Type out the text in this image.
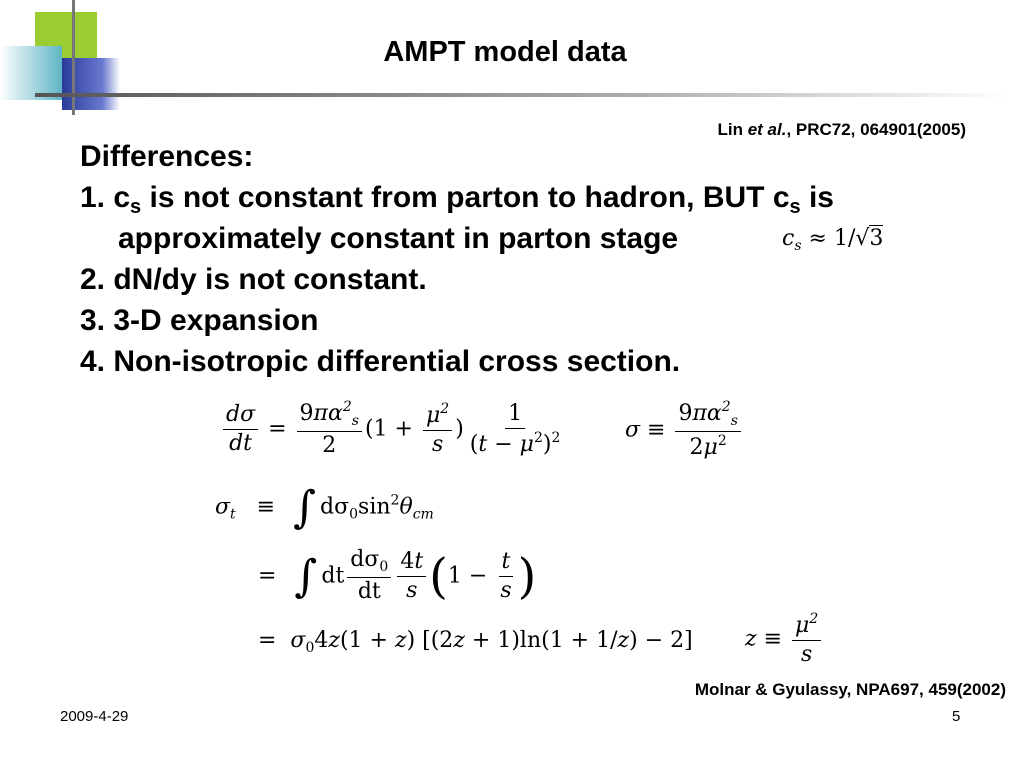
AMPT model data
Lin et al., PRC72, 064901(2005)
Differences:
1. $c_s$ is not constant from parton to hadron, BUT $c_s$ is
approximately constant in parton stage
2. dN/dy is not constant.
3. 3-D expansion
4. Non-isotropic differential cross section.
$c_s \approx 1/√3$
$\frac{d\sigma}{dt} = \frac{9\pi\alpha^2_s}{2} (1 + \frac{\mu^2}{s}$ ) $\frac{1}{(t - \mu^2)^2}$	$\sigma \equiv \frac{9\pi\alpha^2_s}{2\mu^2}$
$\sigma_t$   ≡  ∫ $d\sigma_0\sin^2\theta_{cm}$
=  ∫ dt $\frac{d\sigma_0}{dt} \frac{4t}{s} (1 - \frac{t}{s}$ )
=  $\sigma_04z(1 + z) [(2z + 1)\ln(1 + 1/z) - 2] z \equiv \frac{\mu^2}{s}$
Molnar & Gyulassy, NPA697, 459(2002)
2009-4-29	5
